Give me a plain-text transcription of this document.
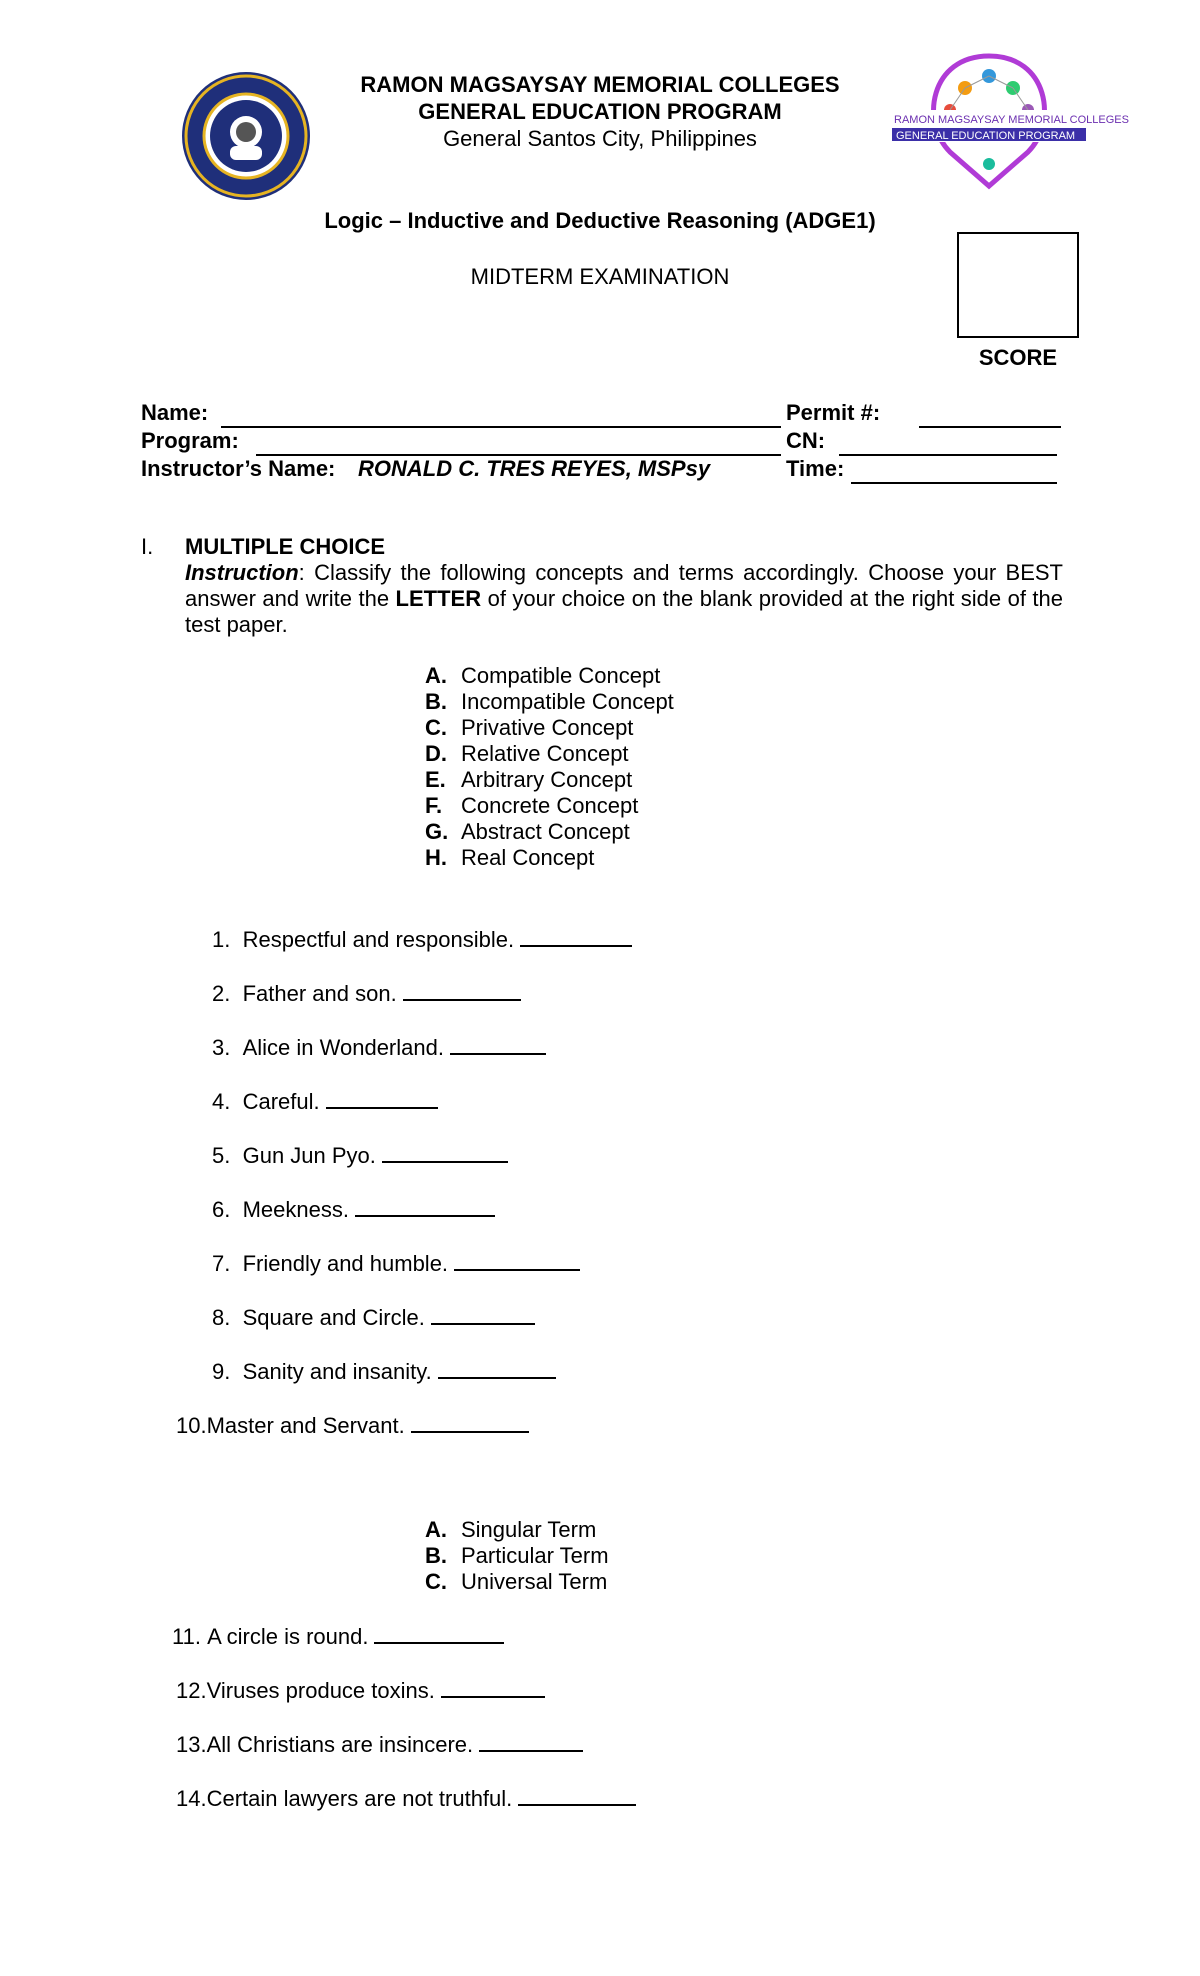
RAMON MAGSAYSAY MEMORIAL COLLEGES
GENERAL EDUCATION PROGRAM
RAMON MAGSAYSAY MEMORIAL COLLEGES
GENERAL EDUCATION PROGRAM
General Santos City, Philippines
Logic – Inductive and Deductive Reasoning (ADGE1)
MIDTERM EXAMINATION
SCORE
Name:	Permit #:
Program:	CN:
Instructor’s Name: RONALD C. TRES REYES, MSPsy	Time:
I. MULTIPLE CHOICE
Instruction: Classify the following concepts and terms accordingly. Choose your BEST answer and write the LETTER of your choice on the blank provided at the right side of the test paper.
A. Compatible Concept
B. Incompatible Concept
C. Privative Concept
D. Relative Concept
E. Arbitrary Concept
F. Concrete Concept
G. Abstract Concept
H. Real Concept
1. Respectful and responsible.
2. Father and son.
3. Alice in Wonderland.
4. Careful.
5. Gun Jun Pyo.
6. Meekness.
7. Friendly and humble.
8. Square and Circle.
9. Sanity and insanity.
10.Master and Servant.
A. Singular Term
B. Particular Term
C. Universal Term
11. A circle is round.
12.Viruses produce toxins.
13.All Christians are insincere.
14.Certain lawyers are not truthful.
